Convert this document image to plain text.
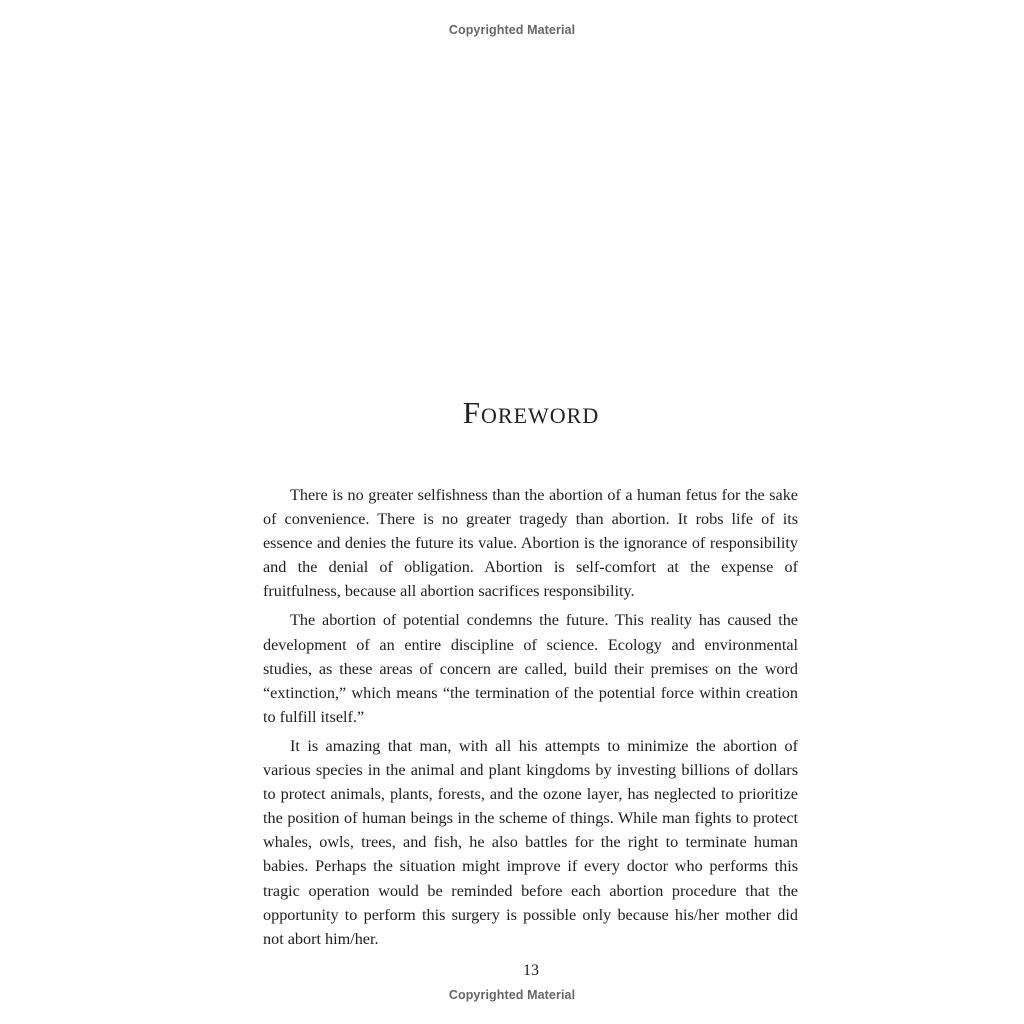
Copyrighted Material
Foreword

There is no greater selfishness than the abortion of a human fetus for the sake of convenience. There is no greater tragedy than abortion. It robs life of its essence and denies the future its value. Abortion is the ignorance of responsibility and the denial of obligation. Abortion is self-comfort at the expense of fruitfulness, because all abortion sacrifices responsibility.

The abortion of potential condemns the future. This reality has caused the development of an entire discipline of science. Ecology and environmental studies, as these areas of concern are called, build their premises on the word “extinction,” which means “the termination of the potential force within creation to fulfill itself.”

It is amazing that man, with all his attempts to minimize the abortion of various species in the animal and plant kingdoms by investing billions of dollars to protect animals, plants, forests, and the ozone layer, has neglected to prioritize the position of human beings in the scheme of things. While man fights to protect whales, owls, trees, and fish, he also battles for the right to terminate human babies. Perhaps the situation might improve if every doctor who performs this tragic operation would be reminded before each abortion procedure that the opportunity to perform this surgery is possible only because his/her mother did not abort him/her.

13
Copyrighted Material
